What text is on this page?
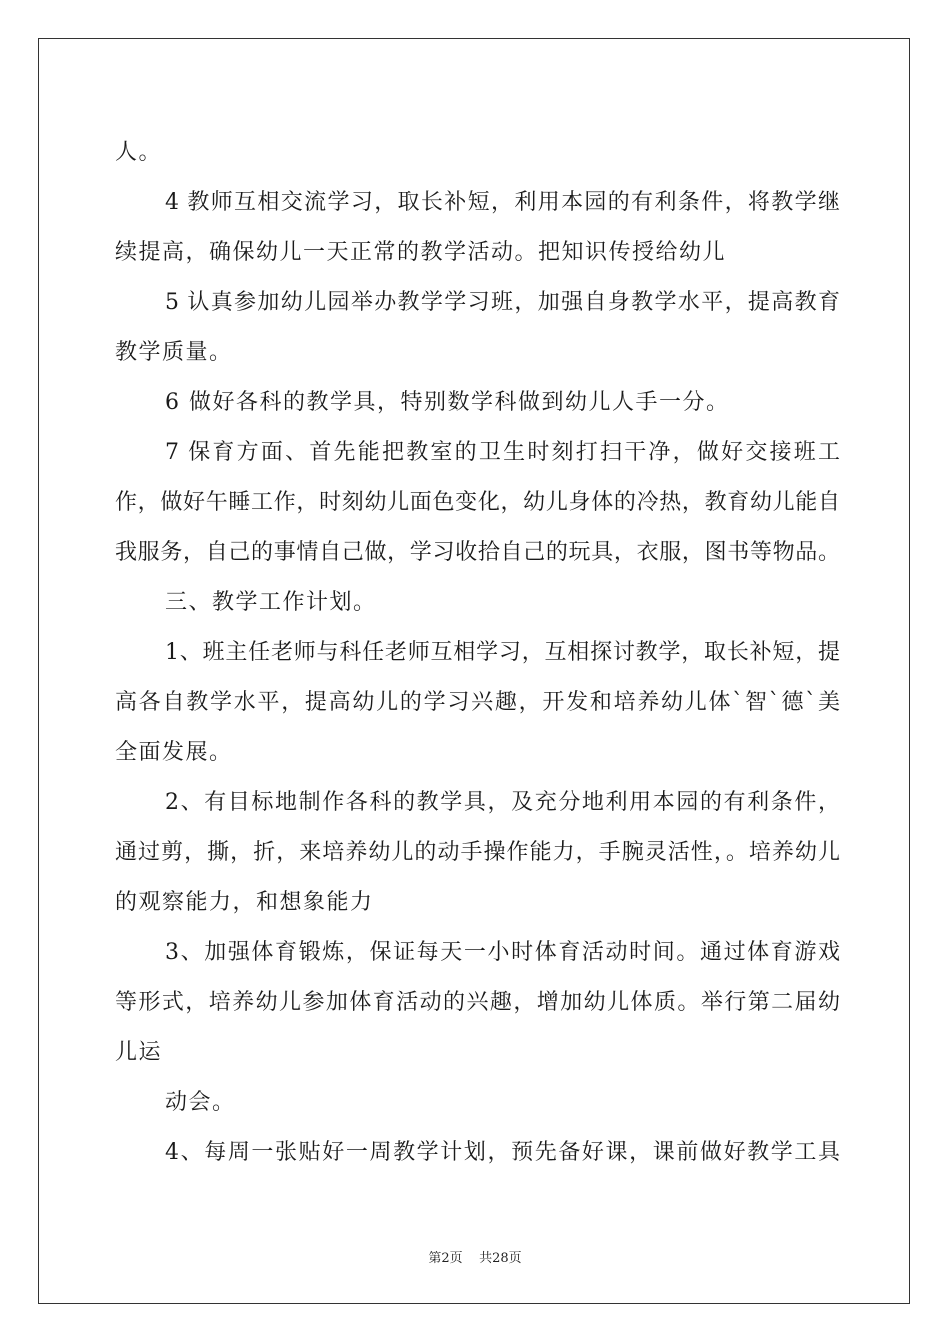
人。
4 教师互相交流学习，取长补短，利用本园的有利条件，将教学继
续提高，确保幼儿一天正常的教学活动。把知识传授给幼儿
5 认真参加幼儿园举办教学学习班，加强自身教学水平，提高教育
教学质量。
6 做好各科的教学具，特别数学科做到幼儿人手一分。
7 保育方面、首先能把教室的卫生时刻打扫干净，做好交接班工
作，做好午睡工作，时刻幼儿面色变化，幼儿身体的冷热，教育幼儿能自
我服务，自己的事情自己做，学习收拾自己的玩具，衣服，图书等物品。
三、教学工作计划。
1、班主任老师与科任老师互相学习，互相探讨教学，取长补短，提
高各自教学水平，提高幼儿的学习兴趣，开发和培养幼儿体`智`德`美
全面发展。
2、有目标地制作各科的教学具，及充分地利用本园的有利条件，
通过剪，撕，折，来培养幼儿的动手操作能力，手腕灵活性，。培养幼儿
的观察能力，和想象能力
3、加强体育锻炼，保证每天一小时体育活动时间。通过体育游戏
等形式，培养幼儿参加体育活动的兴趣，增加幼儿体质。举行第二届幼
儿运
动会。
4、每周一张贴好一周教学计划，预先备好课，课前做好教学工具
第2页 共28页
